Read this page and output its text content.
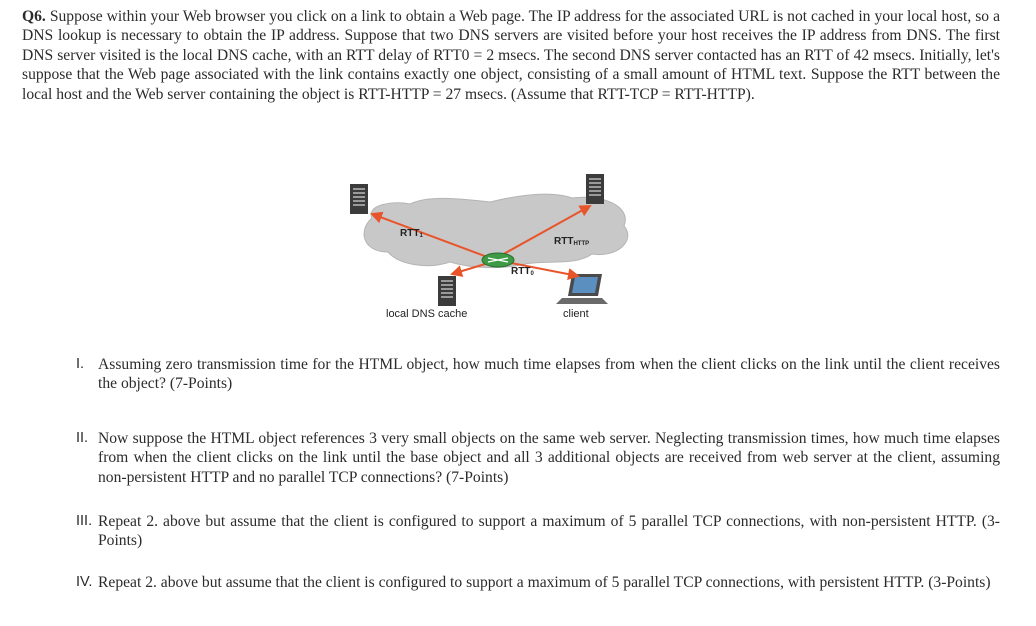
Q6. Suppose within your Web browser you click on a link to obtain a Web page. The IP address for the associated URL is not cached in your local host, so a DNS lookup is necessary to obtain the IP address. Suppose that two DNS servers are visited before your host receives the IP address from DNS. The first DNS server visited is the local DNS cache, with an RTT delay of RTT0 = 2 msecs. The second DNS server contacted has an RTT of 42 msecs. Initially, let's suppose that the Web page associated with the link contains exactly one object, consisting of a small amount of HTML text. Suppose the RTT between the local host and the Web server containing the object is RTT-HTTP = 27 msecs. (Assume that RTT-TCP = RTT-HTTP).

$RTT_1$	$RTT_{HTTP}$
$RTT_0$
local DNS cache	client
I. Assuming zero transmission time for the HTML object, how much time elapses from when the client clicks on the link until the client receives the object? (7-Points)
II. Now suppose the HTML object references 3 very small objects on the same web server. Neglecting transmission times, how much time elapses from when the client clicks on the link until the base object and all 3 additional objects are received from web server at the client, assuming non-persistent HTTP and no parallel TCP connections? (7-Points)
III. Repeat 2. above but assume that the client is configured to support a maximum of 5 parallel TCP connections, with non-persistent HTTP. (3-Points)
IV. Repeat 2. above but assume that the client is configured to support a maximum of 5 parallel TCP connections, with persistent HTTP. (3-Points)
